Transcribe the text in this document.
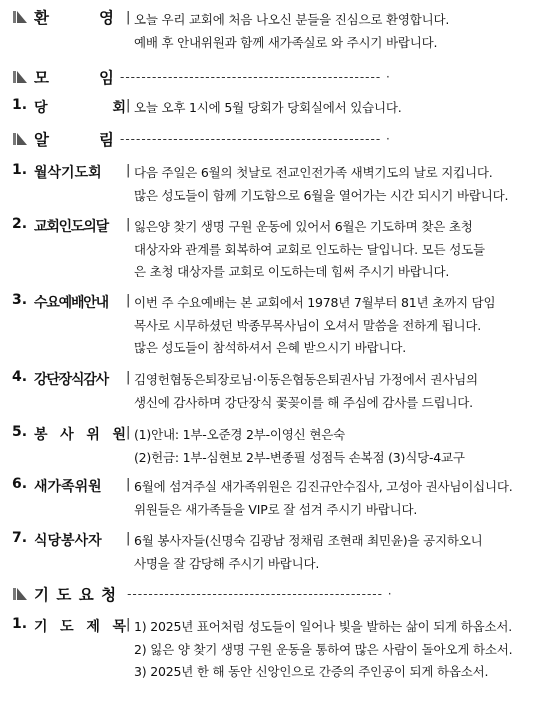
환	영 | 오늘 우리 교회에 처음 나오신 분들을 진심으로 환영합니다.
예배 후 안내위원과 함께 새가족실로 와 주시기 바랍니다.
모	임 ------------------------------------------------- ·
1. 당	회 | 오늘 오후 1시에 5월 당회가 당회실에서 있습니다.
알	림 ------------------------------------------------- ·
1. 월삭기도회	| 다음 주일은 6월의 첫날로 전교인전가족 새벽기도의 날로 지킵니다.
많은 성도들이 함께 기도함으로 6월을 열어가는 시간 되시기 바랍니다.
2. 교회인도의달	| 잃은양 찾기 생명 구원 운동에 있어서 6월은 기도하며 찾은 초청
대상자와 관계를 회복하여 교회로 인도하는 달입니다. 모든 성도들
은 초청 대상자를 교회로 이도하는데 힘써 주시기 바랍니다.
3. 수요예배안내	| 이번 주 수요예배는 본 교회에서 1978년 7월부터 81년 초까지 담임
목사로 시무하셨던 박종무목사님이 오셔서 말씀을 전하게 됩니다.
많은 성도들이 참석하셔서 은혜 받으시기 바랍니다.
4. 강단장식감사	| 김영헌협동은퇴장로님·이동은협동은퇴권사님 가정에서 권사님의
생신에 감사하며 강단장식 꽃꽂이를 해 주심에 감사를 드립니다.
5. 봉 사 위 원 | (1)안내: 1부-오준경 2부-이영신 현은숙
(2)헌금: 1부-심현보 2부-변종필 성점득 손복점 (3)식당-4교구
6. 새가족위원	| 6월에 섬겨주실 새가족위원은 김진규안수집사, 고성아 권사님이십니다.
위원들은 새가족들을 VIP로 잘 섬겨 주시기 바랍니다.
7. 식당봉사자	| 6월 봉사자들(신명숙 김광남 정채림 조현래 최민윤)을 공지하오니
사명을 잘 감당해 주시기 바랍니다.
기 도 요 청 ------------------------------------------------ ·
1. 기 도 제 목 | 1) 2025년 표어처럼 성도들이 일어나 빛을 발하는 삶이 되게 하옵소서.
2) 잃은 양 찾기 생명 구원 운동을 통하여 많은 사람이 돌아오게 하소서.
3) 2025년 한 해 동안 신앙인으로 간증의 주인공이 되게 하옵소서.
